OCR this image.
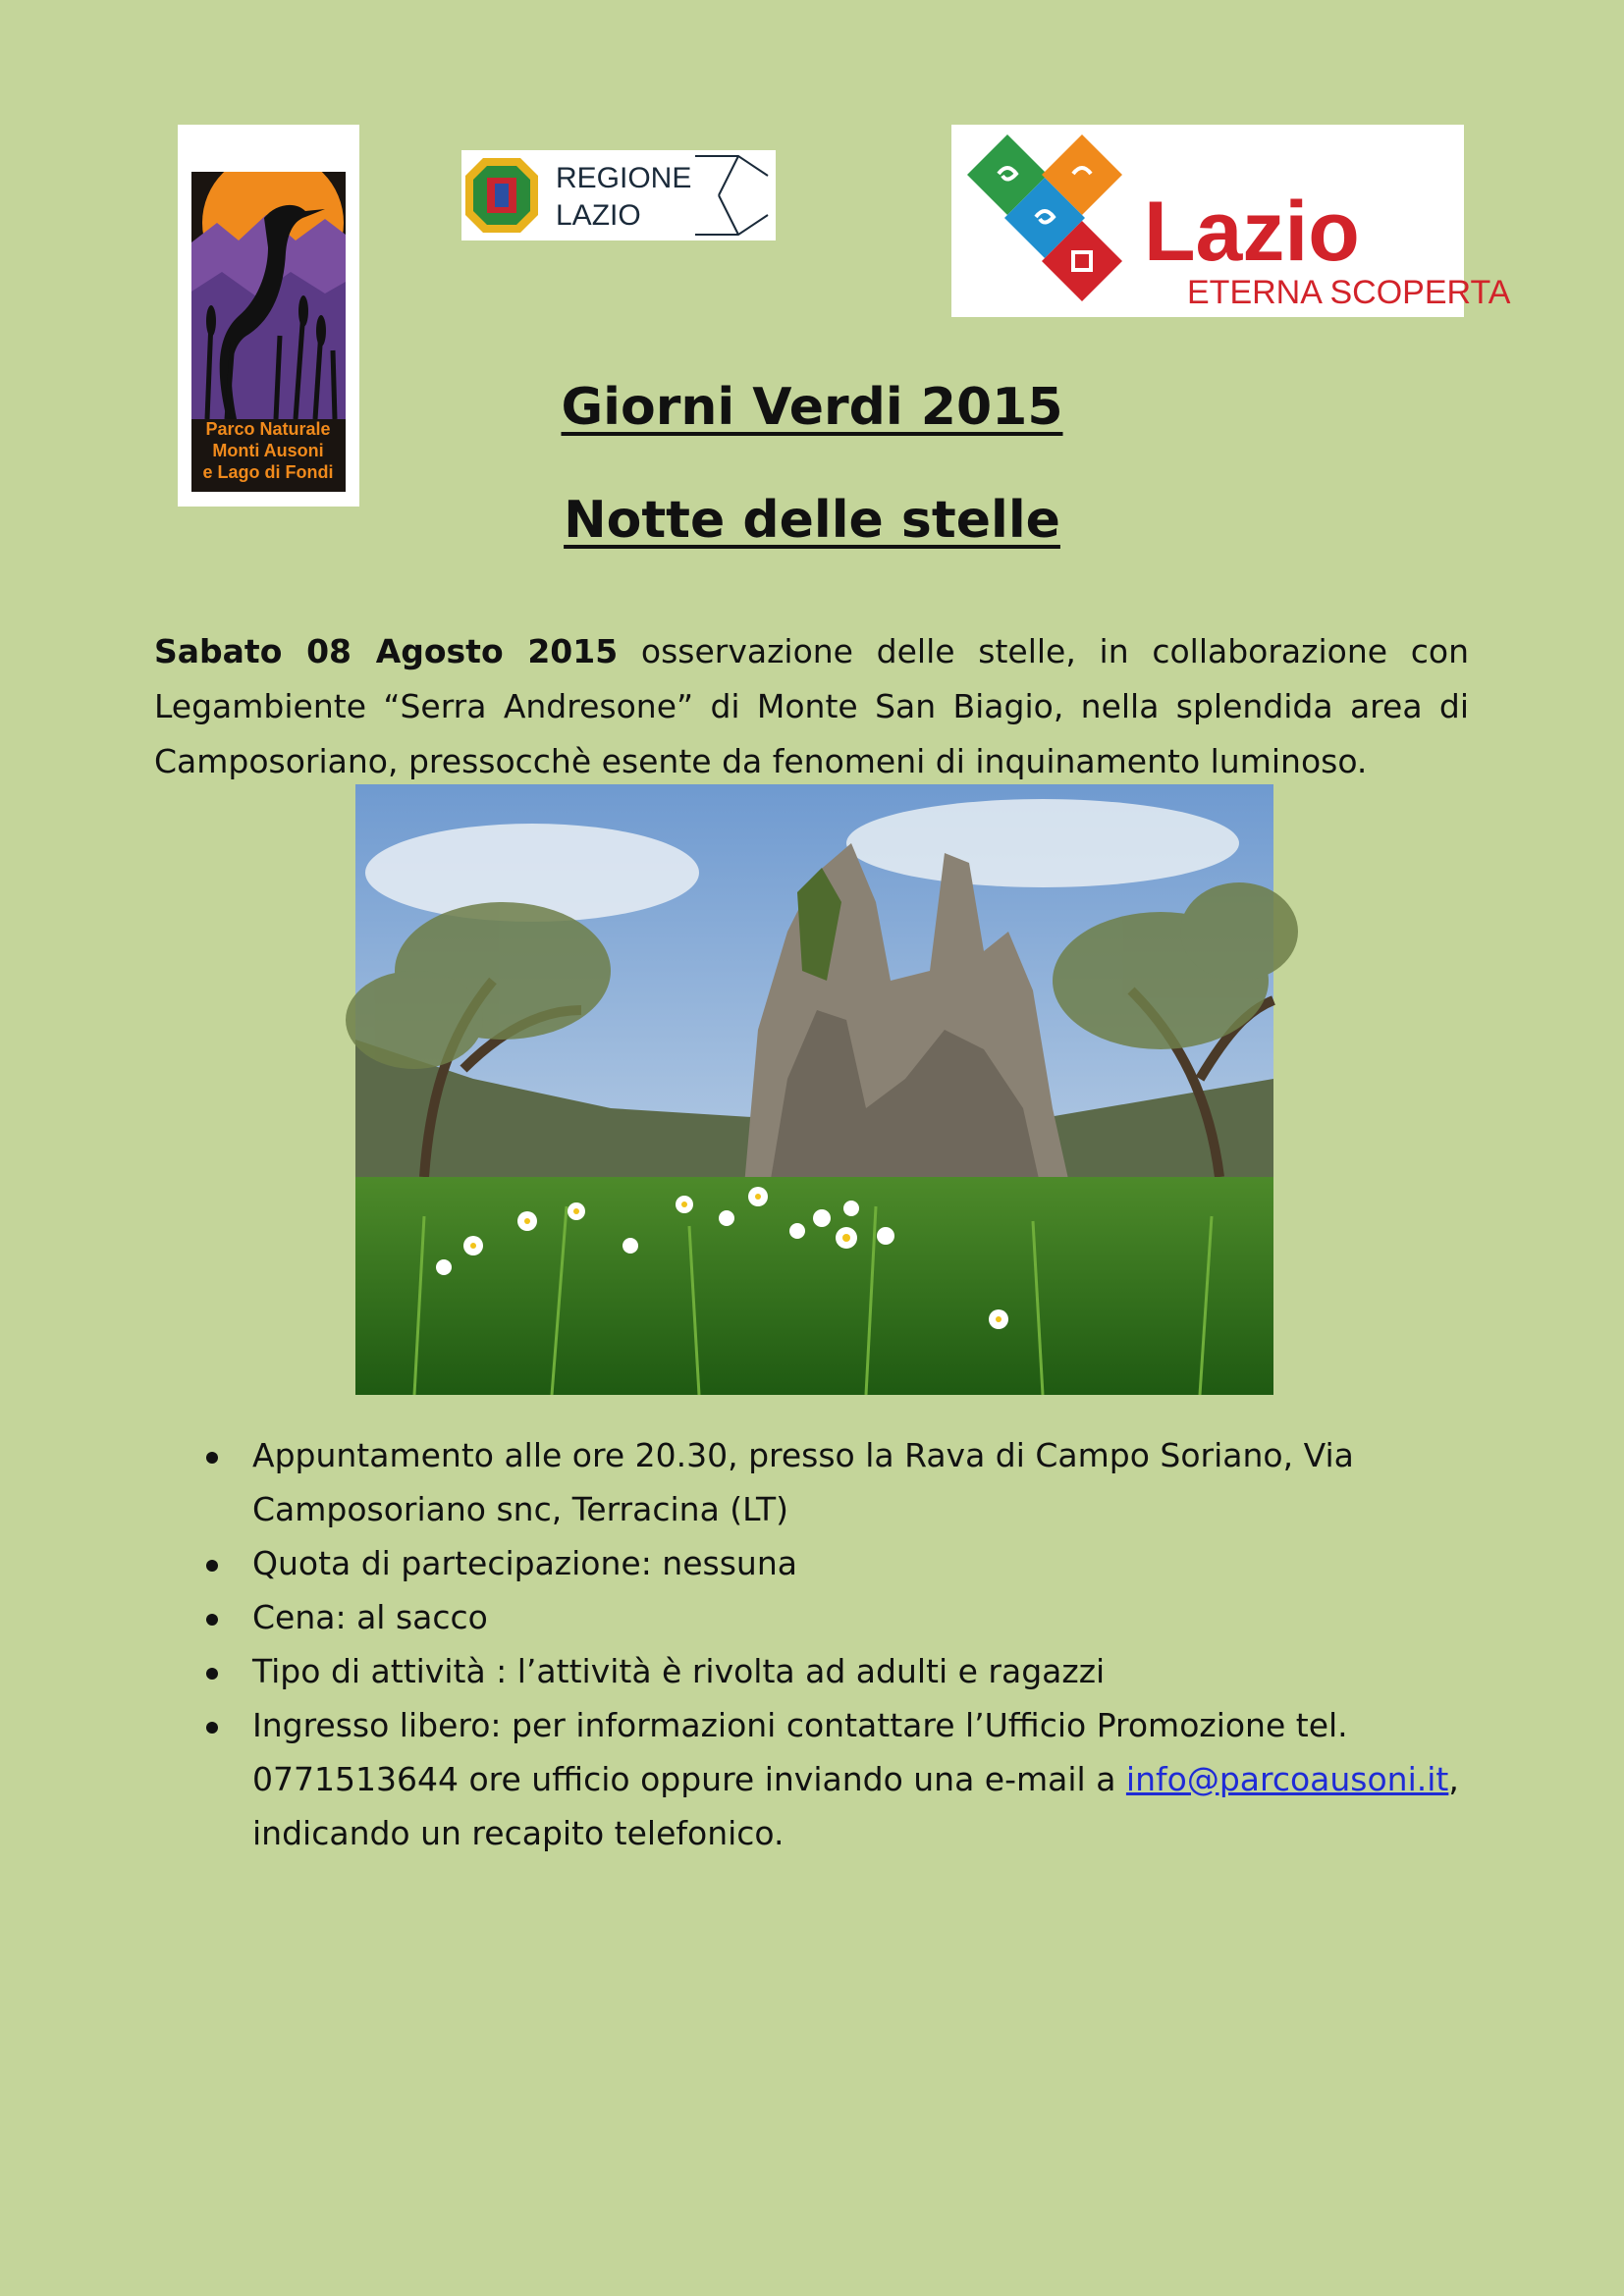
Parco Naturale
Monti Ausoni
e Lago di Fondi
REGIONE
LAZIO	Lazio
ETERNA SCOPERTA
Giorni Verdi 2015
Notte delle stelle

Sabato 08 Agosto 2015 osservazione delle stelle, in collaborazione con Legambiente “Serra Andresone” di Monte San Biagio, nella splendida area di Camposoriano, pressocchè esente da fenomeni di inquinamento luminoso.

Appuntamento alle ore 20.30, presso la Rava di Campo Soriano, Via Camposoriano snc, Terracina (LT)
Quota di partecipazione: nessuna
Cena: al sacco
Tipo di attività : l’attività è rivolta ad adulti e ragazzi
Ingresso libero: per informazioni contattare l’Ufficio Promozione tel. 0771513644 ore ufficio oppure inviando una e-mail a info@parcoausoni.it, indicando un recapito telefonico.
